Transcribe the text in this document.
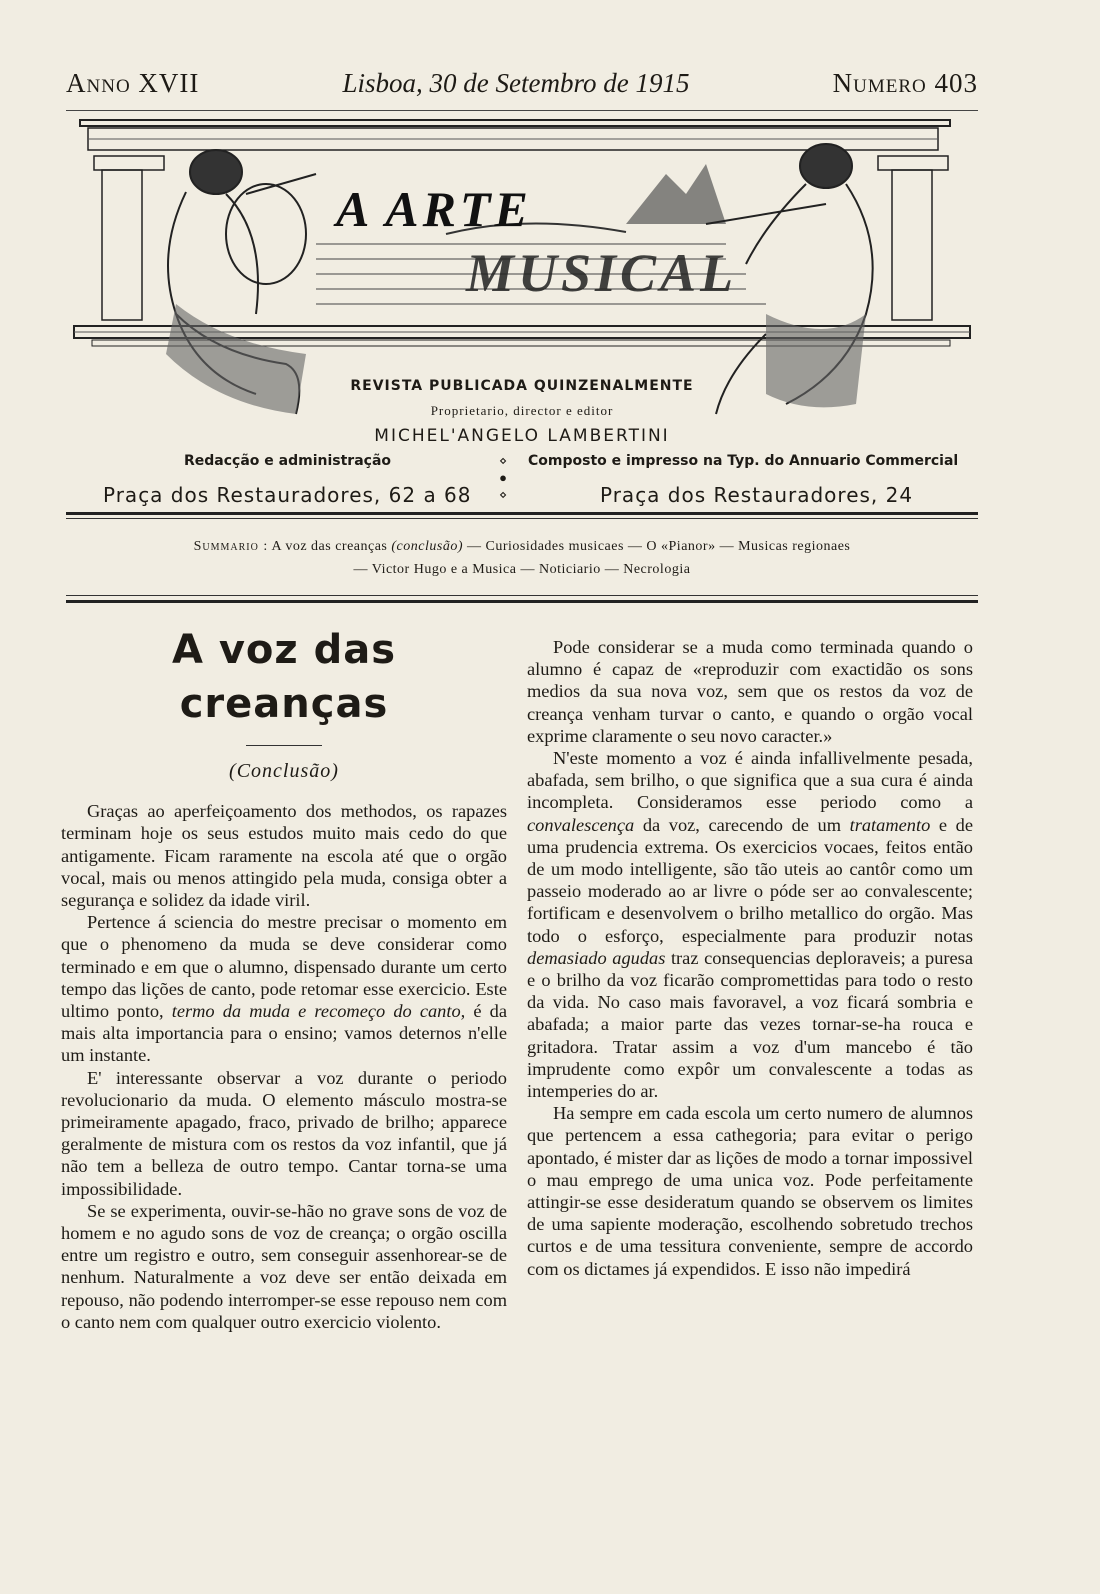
Anno XVII	Lisboa, 30 de Setembro de 1915	Numero 403
A ARTE
MUSICAL
REVISTA PUBLICADA QUINZENALMENTE
Proprietario, director e editor
MICHEL'ANGELO LAMBERTINI
Redacção e administração
Praça dos Restauradores, 62 a 68
⋄
●
⋄
Composto e impresso na Typ. do Annuario Commercial
Praça dos Restauradores, 24
Summario : A voz das creanças (conclusão) — Curiosidades musicaes — O «Pianor» — Musicas regionaes
— Victor Hugo e a Musica — Noticiario — Necrologia
A voz das creanças
(Conclusão)

Graças ao aperfeiçoamento dos methodos, os rapazes terminam hoje os seus estudos muito mais cedo do que antigamente. Ficam raramente na escola até que o orgão vocal, mais ou menos attingido pela muda, consiga obter a segurança e solidez da idade viril.

Pertence á sciencia do mestre precisar o momento em que o phenomeno da muda se deve considerar como terminado e em que o alumno, dispensado durante um certo tempo das lições de canto, pode retomar esse exercicio. Este ultimo ponto, termo da muda e recomeço do canto, é da mais alta importancia para o ensino; vamos deternos n'elle um instante.

E' interessante observar a voz durante o periodo revolucionario da muda. O elemento másculo mostra-se primeiramente apagado, fraco, privado de brilho; apparece geralmente de mistura com os restos da voz infantil, que já não tem a belleza de outro tempo. Cantar torna-se uma impossibilidade.

Se se experimenta, ouvir-se-hão no grave sons de voz de homem e no agudo sons de voz de creança; o orgão oscilla entre um registro e outro, sem conseguir assenhorear-se de nenhum. Naturalmente a voz deve ser então deixada em repouso, não podendo interromper-se esse repouso nem com o canto nem com qualquer outro exercicio violento.

Pode considerar se a muda como terminada quando o alumno é capaz de «reproduzir com exactidão os sons medios da sua nova voz, sem que os restos da voz de creança venham turvar o canto, e quando o orgão vocal exprime claramente o seu novo caracter.»

N'este momento a voz é ainda infallivelmente pesada, abafada, sem brilho, o que significa que a sua cura é ainda incompleta. Consideramos esse periodo como a convalescença da voz, carecendo de um tratamento e de uma prudencia extrema. Os exercicios vocaes, feitos então de um modo intelligente, são tão uteis ao cantôr como um passeio moderado ao ar livre o póde ser ao convalescente; fortificam e desenvolvem o brilho metallico do orgão. Mas todo o esforço, especialmente para produzir notas demasiado agudas traz consequencias deploraveis; a puresa e o brilho da voz ficarão compromettidas para todo o resto da vida. No caso mais favoravel, a voz ficará sombria e abafada; a maior parte das vezes tornar-se-ha rouca e gritadora. Tratar assim a voz d'um mancebo é tão imprudente como expôr um convalescente a todas as intemperies do ar.

Ha sempre em cada escola um certo numero de alumnos que pertencem a essa cathegoria; para evitar o perigo apontado, é mister dar as lições de modo a tornar impossivel o mau emprego de uma unica voz. Pode perfeitamente attingir-se esse desideratum quando se observem os limites de uma sapiente moderação, escolhendo sobretudo trechos curtos e de uma tessitura conveniente, sempre de accordo com os dictames já expendidos. E isso não impedirá
